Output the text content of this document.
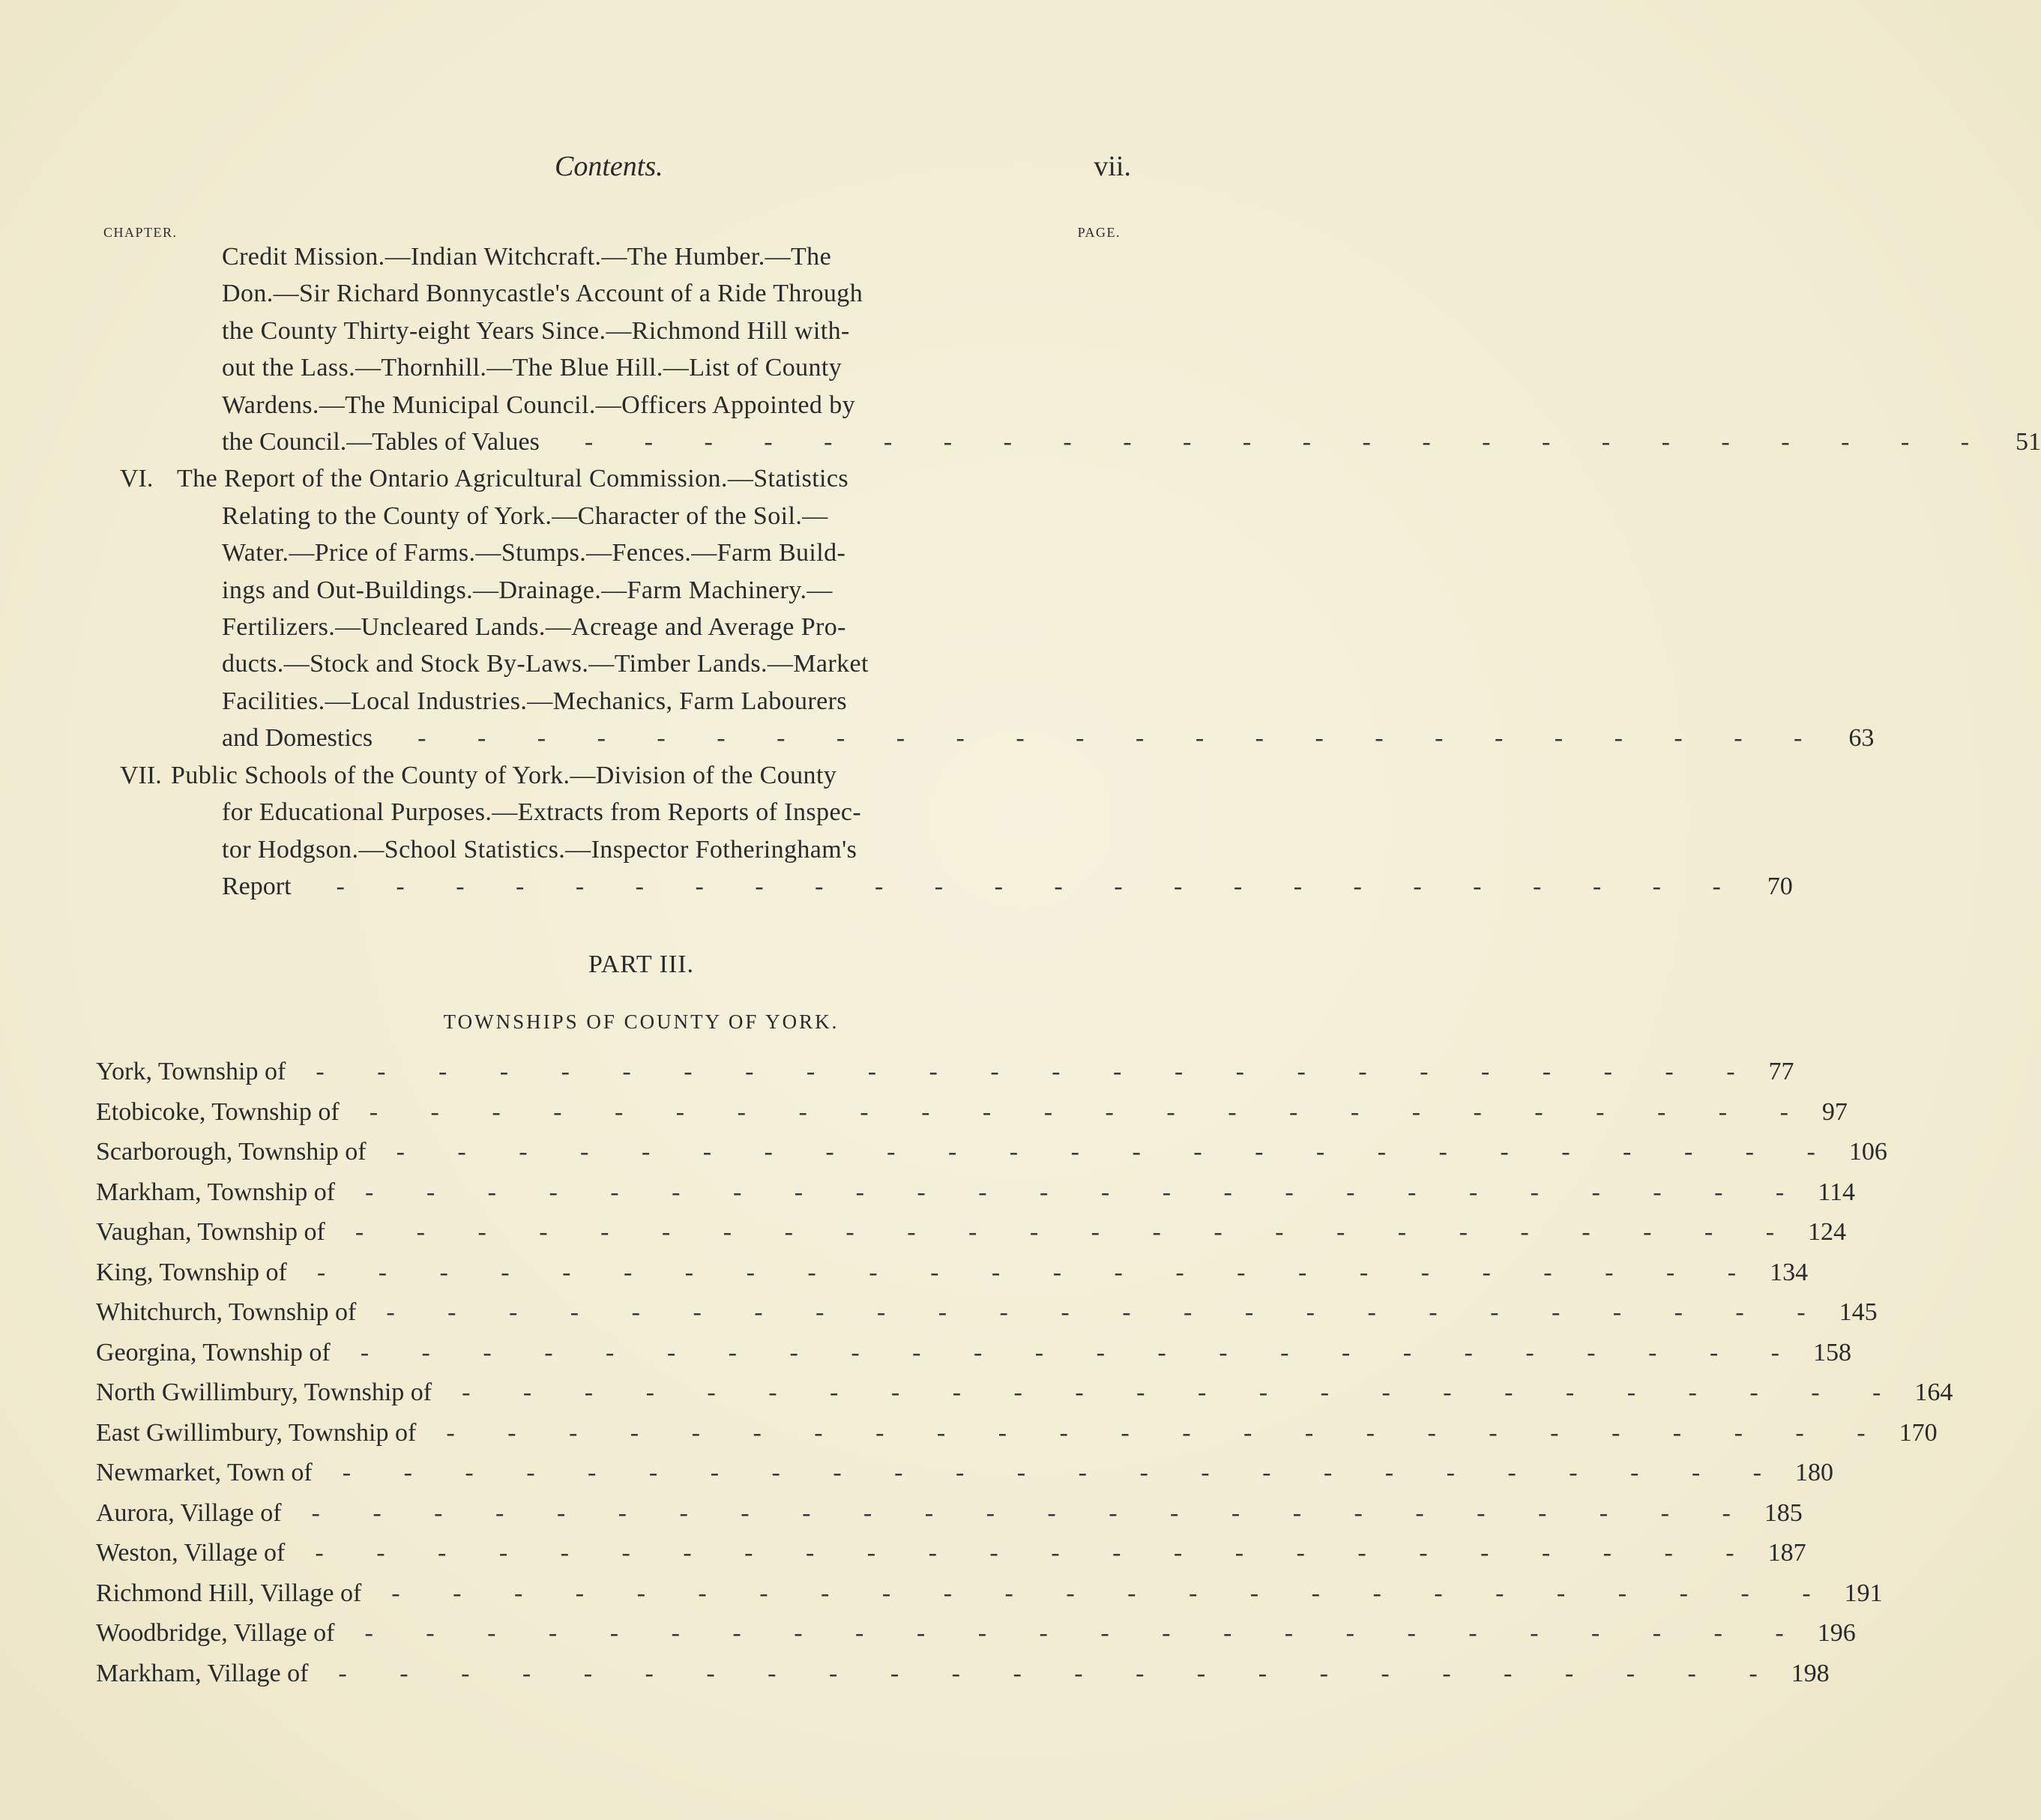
Contents.	vii.
CHAPTER.	PAGE.
Credit Mission.—Indian Witchcraft.—The Humber.—The
Don.—Sir Richard Bonnycastle's Account of a Ride Through
the County Thirty-eight Years Since.—Richmond Hill with-
out the Lass.—Thornhill.—The Blue Hill.—List of County
Wardens.—The Municipal Council.—Officers Appointed by
the Council.—Tables of Values - - - - - - - - - - - - - - - - - - - - - - - - 51
VI. The Report of the Ontario Agricultural Commission.—Statistics
Relating to the County of York.—Character of the Soil.—
Water.—Price of Farms.—Stumps.—Fences.—Farm Build-
ings and Out-Buildings.—Drainage.—Farm Machinery.—
Fertilizers.—Uncleared Lands.—Acreage and Average Pro-
ducts.—Stock and Stock By-Laws.—Timber Lands.—Market
Facilities.—Local Industries.—Mechanics, Farm Labourers
and Domestics - - - - - - - - - - - - - - - - - - - - - - - - 63
VII. Public Schools of the County of York.—Division of the County
for Educational Purposes.—Extracts from Reports of Inspec-
tor Hodgson.—School Statistics.—Inspector Fotheringham's
Report - - - - - - - - - - - - - - - - - - - - - - - - 70
PART III.
TOWNSHIPS OF COUNTY OF YORK.
York, Township of - - - - - - - - - - - - - - - - - - - - - - - - 77
Etobicoke, Township of - - - - - - - - - - - - - - - - - - - - - - - - 97
Scarborough, Township of - - - - - - - - - - - - - - - - - - - - - - - - 106
Markham, Township of - - - - - - - - - - - - - - - - - - - - - - - - 114
Vaughan, Township of - - - - - - - - - - - - - - - - - - - - - - - - 124
King, Township of - - - - - - - - - - - - - - - - - - - - - - - - 134
Whitchurch, Township of - - - - - - - - - - - - - - - - - - - - - - - - 145
Georgina, Township of - - - - - - - - - - - - - - - - - - - - - - - - 158
North Gwillimbury, Township of - - - - - - - - - - - - - - - - - - - - - - - - 164
East Gwillimbury, Township of - - - - - - - - - - - - - - - - - - - - - - - - 170
Newmarket, Town of - - - - - - - - - - - - - - - - - - - - - - - - 180
Aurora, Village of - - - - - - - - - - - - - - - - - - - - - - - - 185
Weston, Village of - - - - - - - - - - - - - - - - - - - - - - - - 187
Richmond Hill, Village of - - - - - - - - - - - - - - - - - - - - - - - - 191
Woodbridge, Village of - - - - - - - - - - - - - - - - - - - - - - - - 196
Markham, Village of - - - - - - - - - - - - - - - - - - - - - - - - 198
